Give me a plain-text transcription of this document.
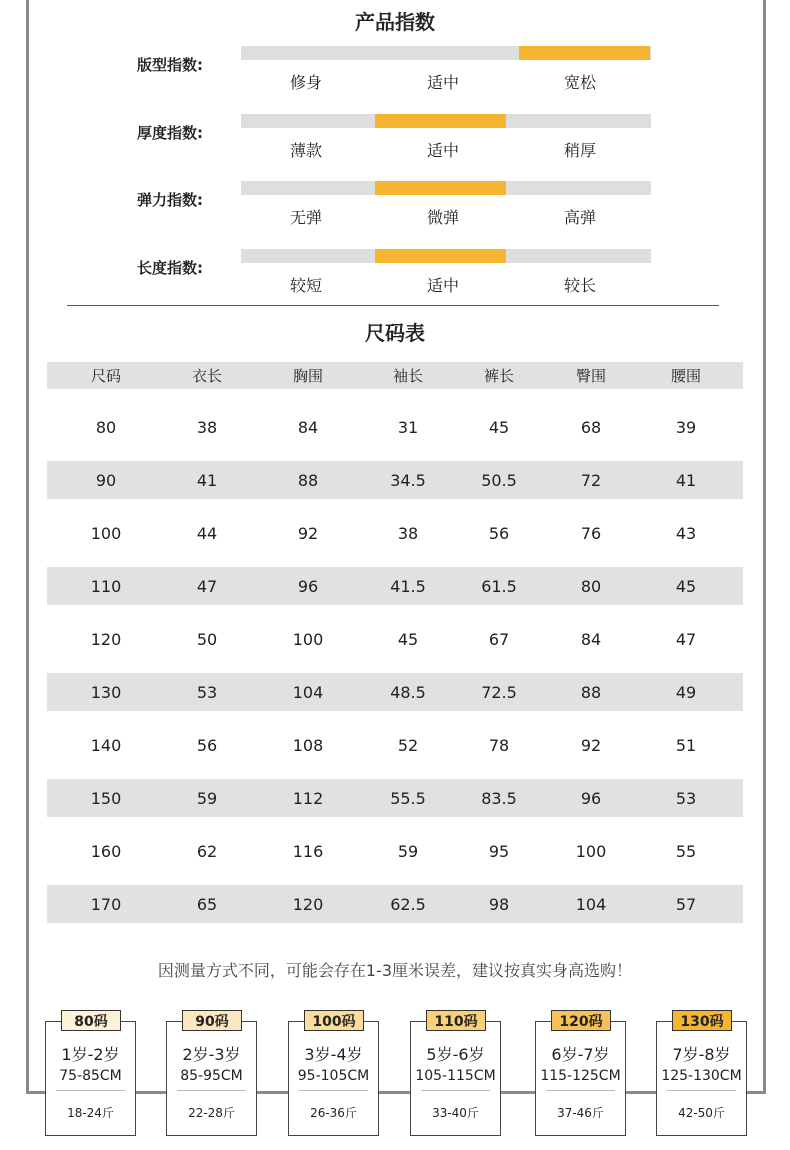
产品指数
版型指数:
修身	适中	宽松
厚度指数:
薄款	适中	稍厚
弹力指数:
无弹	微弹	高弹
长度指数:
较短	适中	较长
尺码表
尺码	衣长	胸围	袖长	裤长	臀围	腰围
80	38	84	31	45	68	39
90	41	88	34.5	50.5	72	41
100	44	92	38	56	76	43
110	47	96	41.5	61.5	80	45
120	50	100	45	67	84	47
130	53	104	48.5	72.5	88	49
140	56	108	52	78	92	51
150	59	112	55.5	83.5	96	53
160	62	116	59	95	100	55
170	65	120	62.5	98	104	57
因测量方式不同，可能会存在1-3厘米误差，建议按真实身高选购！
80码
1岁-2岁
75-85CM
18-24斤
90码
2岁-3岁
85-95CM
22-28斤
100码
3岁-4岁
95-105CM
26-36斤
110码
5岁-6岁
105-115CM
33-40斤
120码
6岁-7岁
115-125CM
37-46斤
130码
7岁-8岁
125-130CM
42-50斤
